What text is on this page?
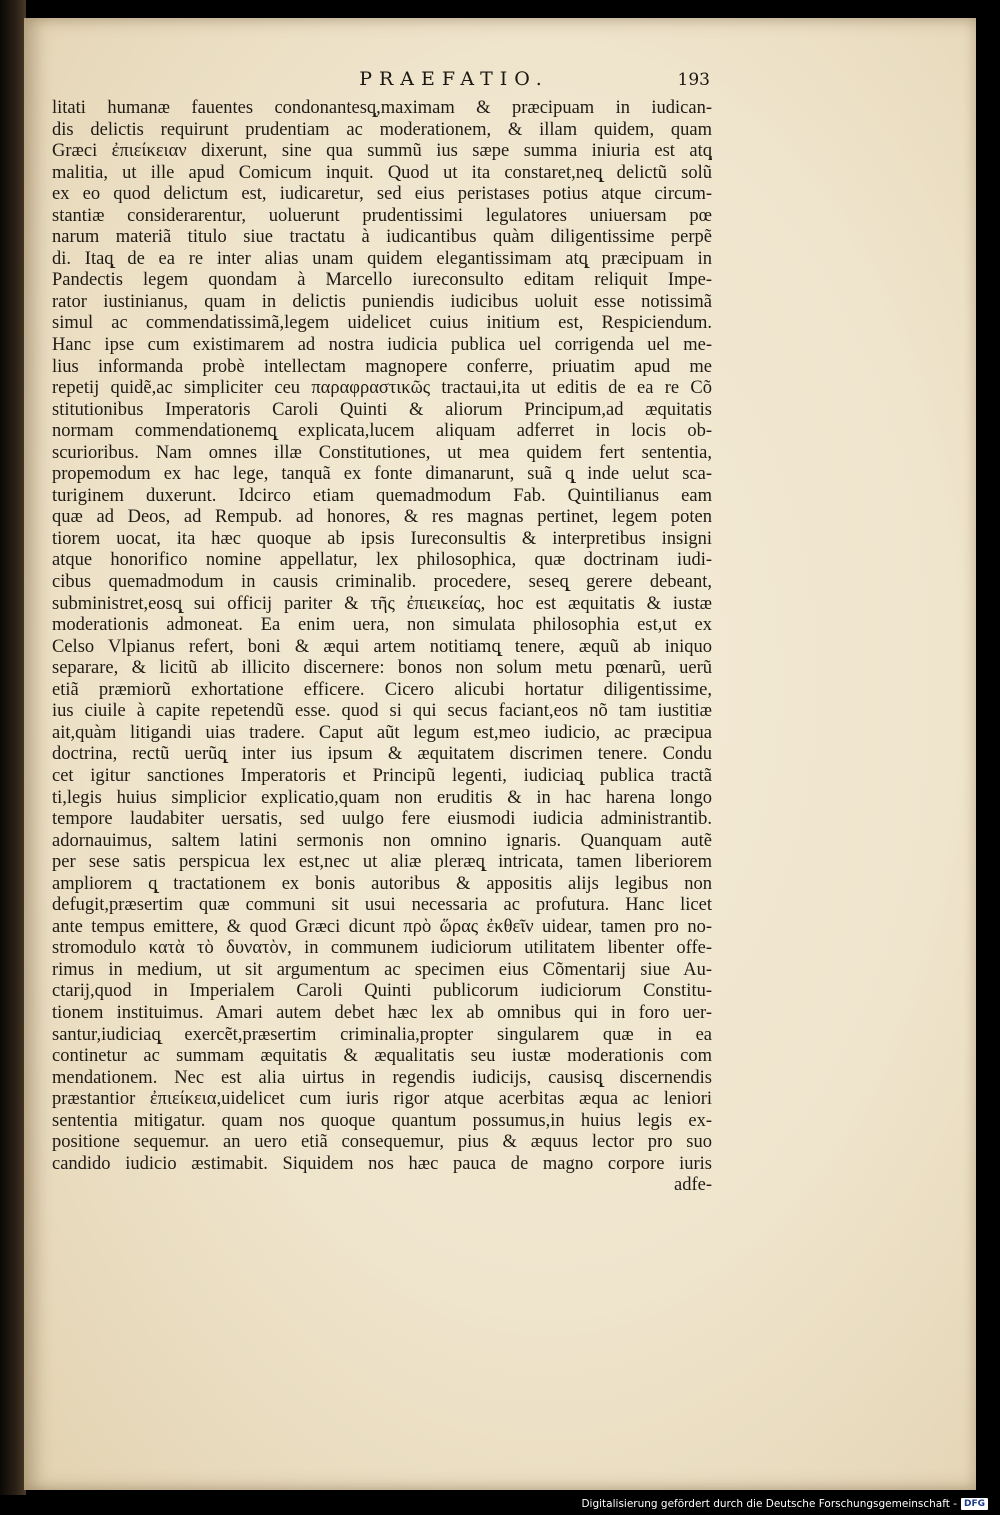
PRAEFATIO.	193
litati humanæ fauentes condonantesq̨,maximam & præcipuam in iudican-
dis delictis requirunt prudentiam ac moderationem, & illam quidem, quam
Græci ἐπιείκειαν dixerunt, sine qua summũ ius sæpe summa iniuria est atq̨
malitia, ut ille apud Comicum inquit. Quod ut ita constaret,neq̨ delictũ solũ
ex eo quod delictum est, iudicaretur, sed eius peristases potius atque circum-
stantiæ considerarentur, uoluerunt prudentissimi legulatores uniuersam pœ
narum materiã titulo siue tractatu à iudicantibus quàm diligentissime perpẽ
di. Itaq̨ de ea re inter alias unam quidem elegantissimam atq̨ præcipuam in
Pandectis legem quondam à Marcello iureconsulto editam reliquit Impe-
rator iustinianus, quam in delictis puniendis iudicibus uoluit esse notissimã
simul ac commendatissimã,legem uidelicet cuius initium est, Respiciendum.
Hanc ipse cum existimarem ad nostra iudicia publica uel corrigenda uel me-
lius informanda probè intellectam magnopere conferre, priuatim apud me
repetij quidẽ,ac simpliciter ceu παραφραστικῶς tractaui,ita ut editis de ea re Cõ
stitutionibus Imperatoris Caroli Quinti & aliorum Principum,ad æquitatis
normam commendationemq̨ explicata,lucem aliquam adferret in locis ob-
scurioribus. Nam omnes illæ Constitutiones, ut mea quidem fert sententia,
propemodum ex hac lege, tanquã ex fonte dimanarunt, suã q̨ inde uelut sca-
turiginem duxerunt. Idcirco etiam quemadmodum Fab. Quintilianus eam
quæ ad Deos, ad Rempub. ad honores, & res magnas pertinet, legem poten
tiorem uocat, ita hæc quoque ab ipsis Iureconsultis & interpretibus insigni
atque honorifico nomine appellatur, lex philosophica, quæ doctrinam iudi-
cibus quemadmodum in causis criminalib. procedere, seseq̨ gerere debeant,
subministret,eosq̨ sui officij pariter & τῆς ἐπιεικείας, hoc est æquitatis & iustæ
moderationis admoneat. Ea enim uera, non simulata philosophia est,ut ex
Celso Vlpianus refert, boni & æqui artem notitiamq̨ tenere, æquũ ab iniquo
separare, & licitũ ab illicito discernere: bonos non solum metu pœnarũ, uerũ
etiã præmiorũ exhortatione efficere. Cicero alicubi hortatur diligentissime,
ius ciuile à capite repetendũ esse. quod si qui secus faciant,eos nõ tam iustitiæ
ait,quàm litigandi uias tradere. Caput aũt legum est,meo iudicio, ac præcipua
doctrina, rectũ uerũq̨ inter ius ipsum & æquitatem discrimen tenere. Condu
cet igitur sanctiones Imperatoris et Principũ legenti, iudiciaq̨ publica tractã
ti,legis huius simplicior explicatio,quam non eruditis & in hac harena longo
tempore laudabiter uersatis, sed uulgo fere eiusmodi iudicia administrantib.
adornauimus, saltem latini sermonis non omnino ignaris. Quanquam autẽ
per sese satis perspicua lex est,nec ut aliæ pleræq̨ intricata, tamen liberiorem
ampliorem q̨ tractationem ex bonis autoribus & appositis alijs legibus non
defugit,præsertim quæ communi sit usui necessaria ac profutura. Hanc licet
ante tempus emittere, & quod Græci dicunt πρὸ ὥρας ἐκθεῖν uidear, tamen pro no-
stromodulo κατὰ τὸ δυνατὸν, in communem iudiciorum utilitatem libenter offe-
rimus in medium, ut sit argumentum ac specimen eius Cõmentarij siue Au-
ctarij,quod in Imperialem Caroli Quinti publicorum iudiciorum Constitu-
tionem instituimus. Amari autem debet hæc lex ab omnibus qui in foro uer-
santur,iudiciaq̨ exercẽt,præsertim criminalia,propter singularem quæ in ea
continetur ac summam æquitatis & æqualitatis seu iustæ moderationis com
mendationem. Nec est alia uirtus in regendis iudicijs, causisq̨ discernendis
præstantior ἐπιείκεια,uidelicet cum iuris rigor atque acerbitas æqua ac leniori
sententia mitigatur. quam nos quoque quantum possumus,in huius legis ex-
positione sequemur. an uero etiã consequemur, pius & æquus lector pro suo
candido iudicio æstimabit. Siquidem nos hæc pauca de magno corpore iuris
adfe-
Digitalisierung gefördert durch die Deutsche Forschungsgemeinschaft - DFG
